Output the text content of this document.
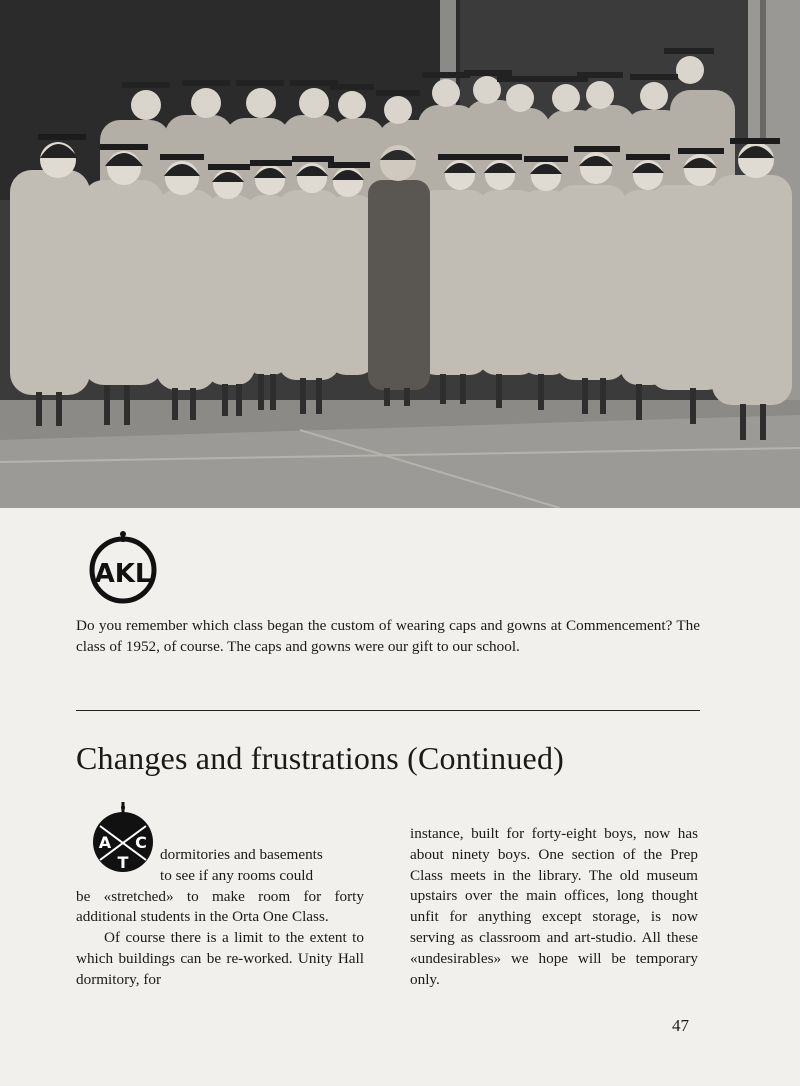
AKL

Do you remember which class began the custom of wearing caps and gowns at Commencement? The class of 1952, of course. The caps and gowns were our gift to our school.

Changes and frustrations (Continued)
A C
T	dormitories and basements
to see if any rooms could

be «stretched» to make room for forty additional students in the Orta One Class.

Of course there is a limit to the extent to which buildings can be re-worked. Unity Hall dormitory, for

instance, built for forty-eight boys, now has about ninety boys. One section of the Prep Class meets in the library. The old museum upstairs over the main offices, long thought unfit for anything except storage, is now serving as classroom and art-studio. All these «undesirables» we hope will be temporary only.

47
